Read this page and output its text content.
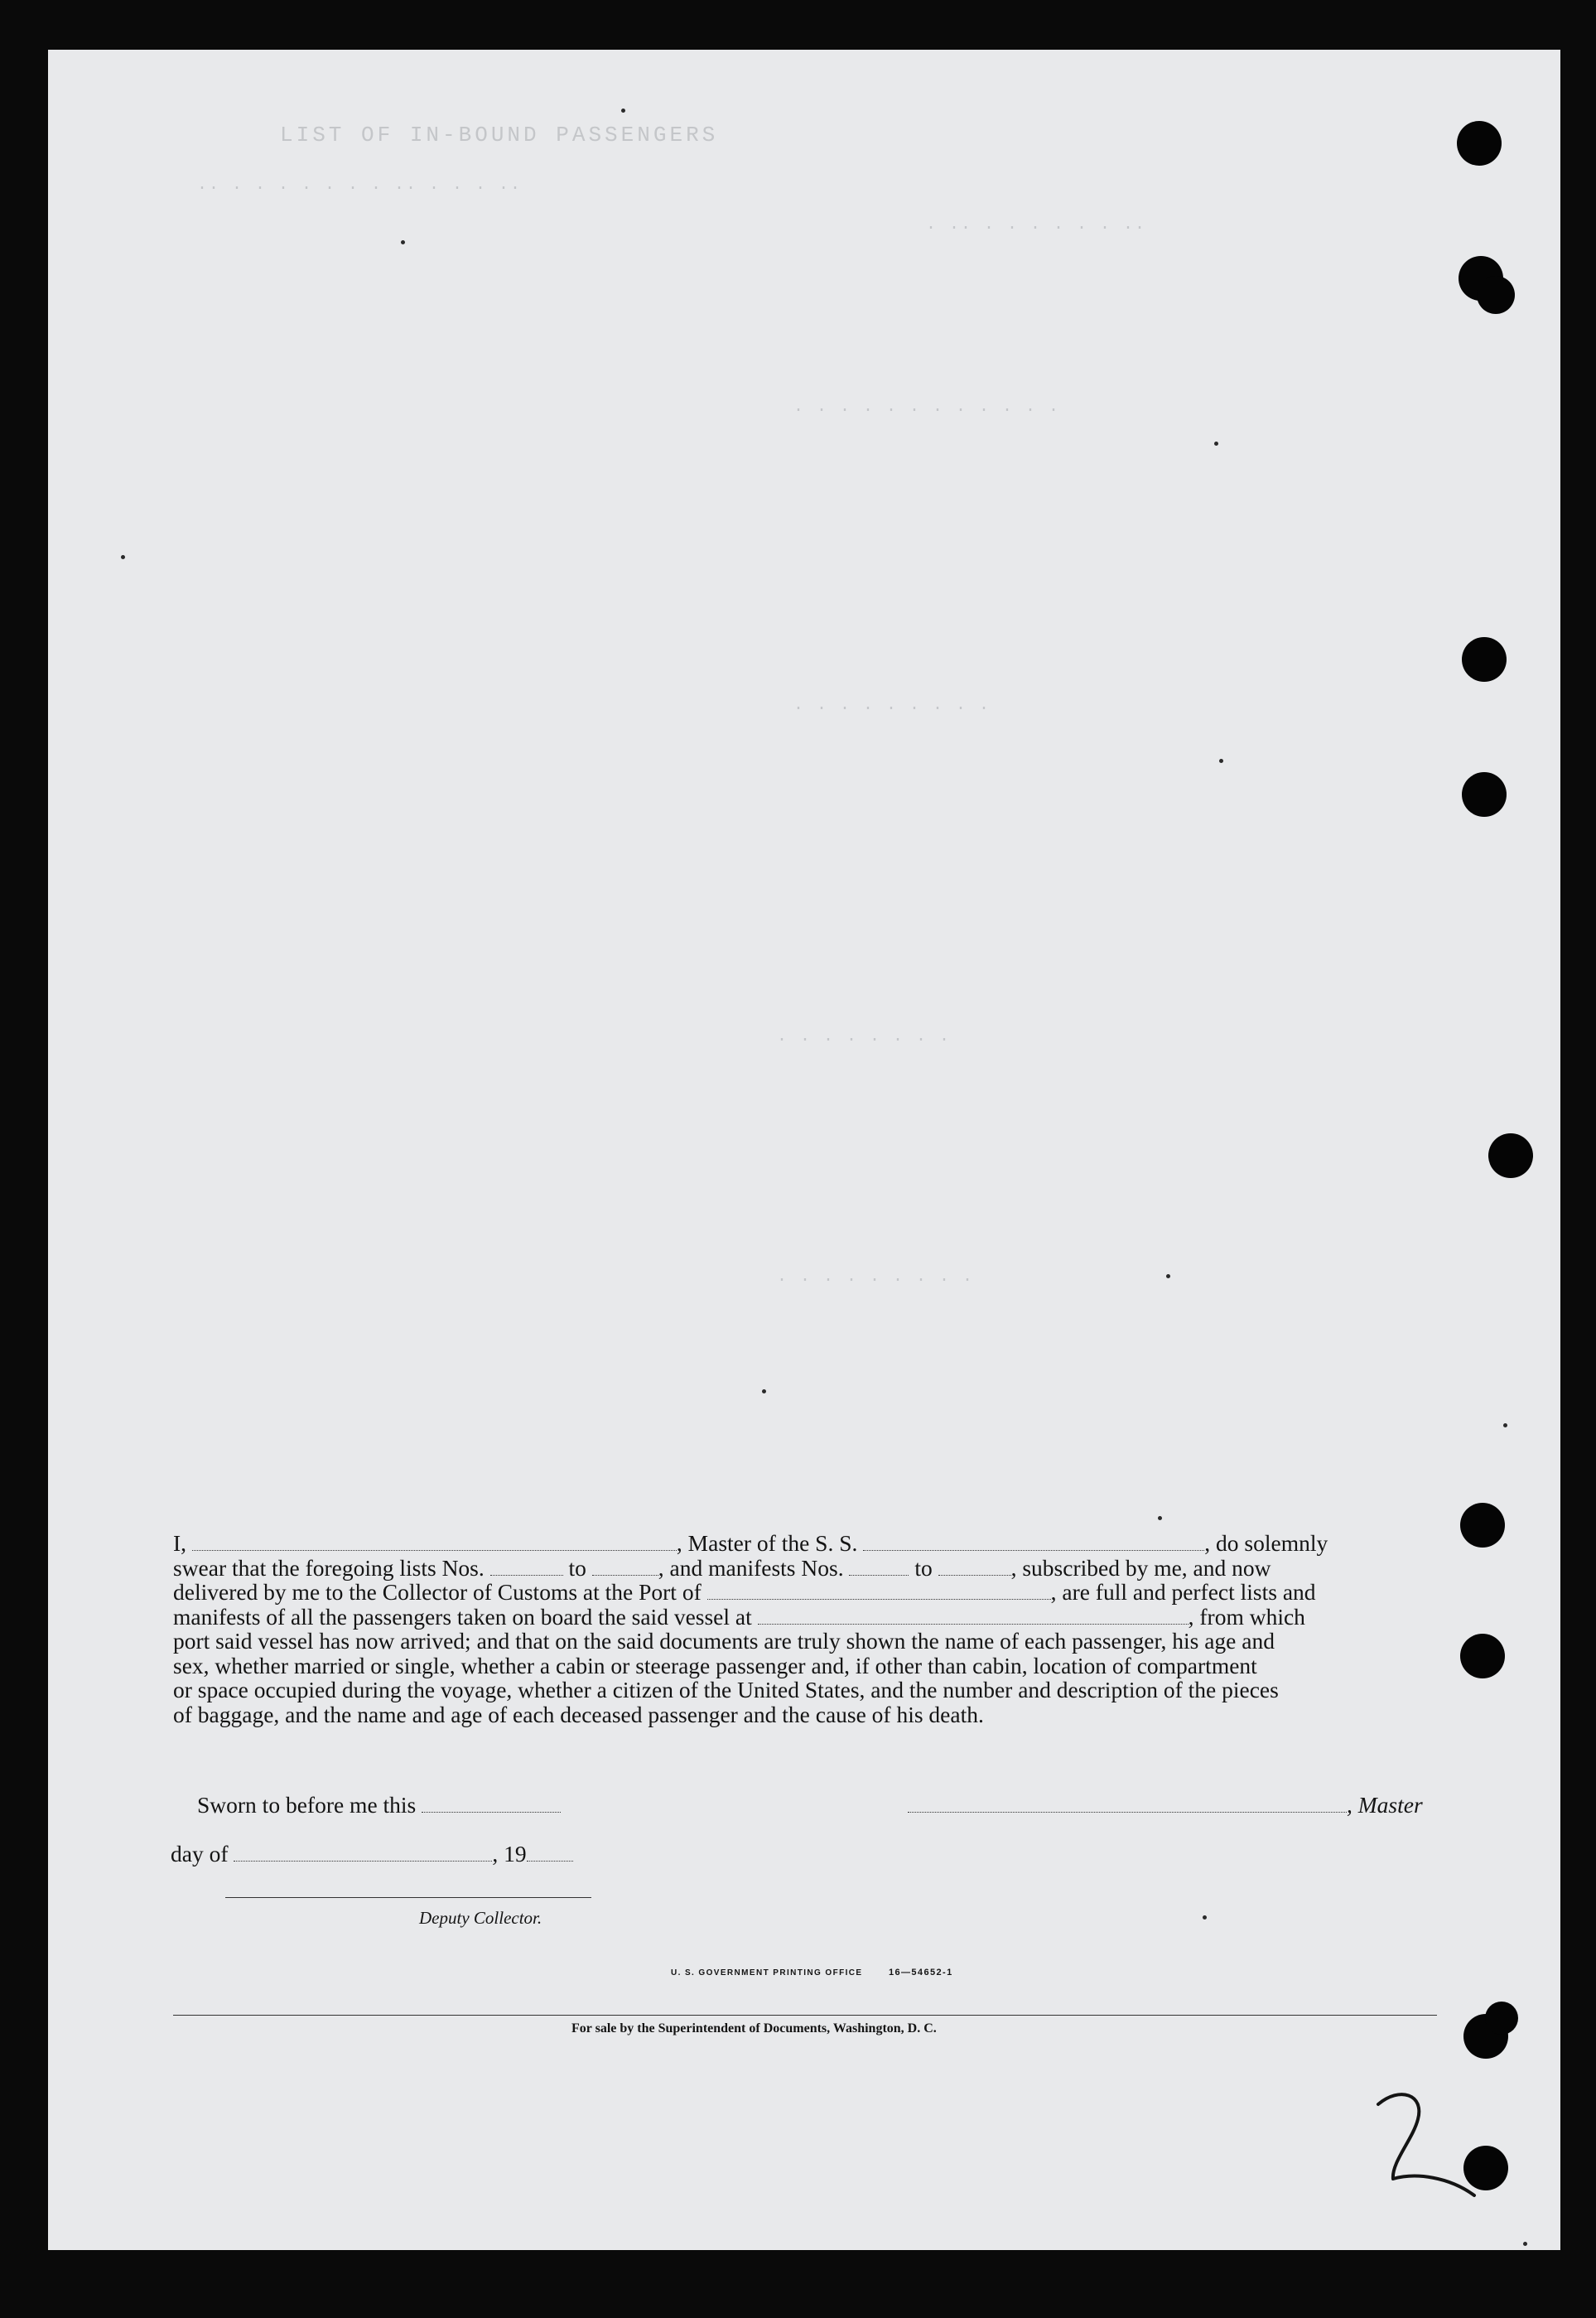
LIST OF IN-BOUND PASSENGERS
.. . . . . . . . .. . . . ..
. .. . . . . . . ..
. . . . . . . . . . . .
. . . . . . . . .
. . . . . . . .
. . . . . . . . .
I,	, Master of the S. S.	, do solemnly
swear that the foregoing lists Nos.	to	, and manifests Nos.	to	, subscribed by me, and now
delivered by me to the Collector of Customs at the Port of	, are full and perfect lists and
manifests of all the passengers taken on board the said vessel at	, from which
port said vessel has now arrived; and that on the said documents are truly shown the name of each passenger, his age and
sex, whether married or single, whether a cabin or steerage passenger and, if other than cabin, location of compartment
or space occupied during the voyage, whether a citizen of the United States, and the number and description of the pieces
of baggage, and the name and age of each deceased passenger and the cause of his death.
Sworn to before me this	, Master
day of	, 19
Deputy Collector.
U. S. GOVERNMENT PRINTING OFFICE	16—54652-1
For sale by the Superintendent of Documents, Washington, D. C.
